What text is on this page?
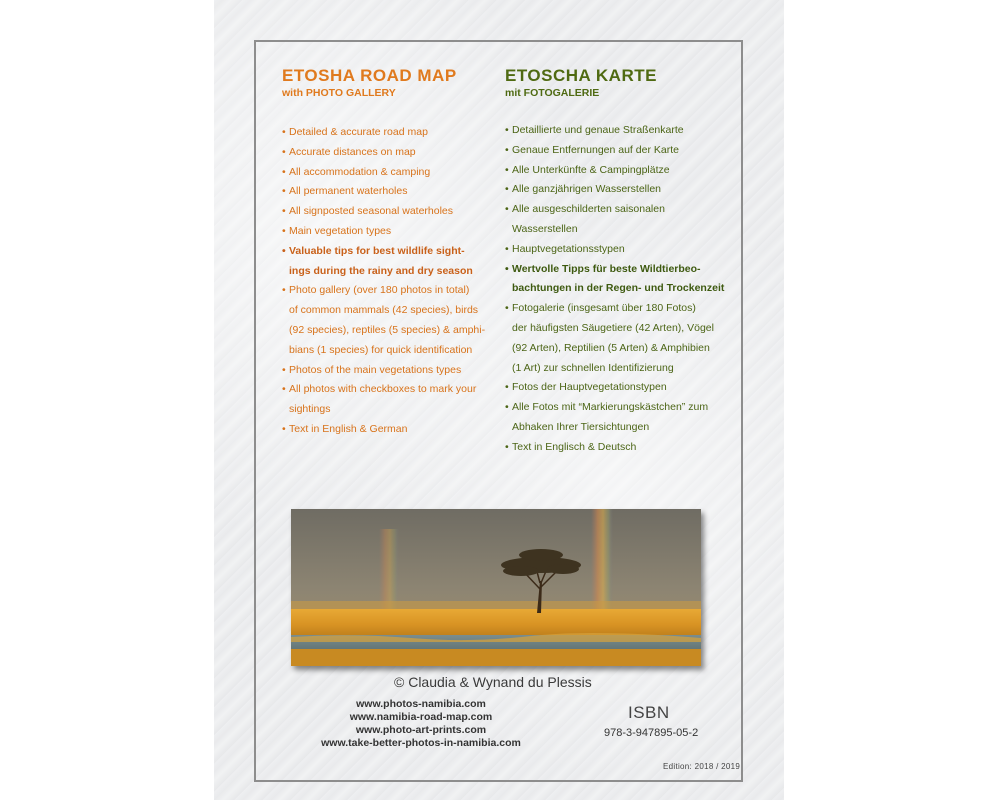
ETOSHA ROAD MAP
with PHOTO GALLERY
• Detailed & accurate road map
• Accurate distances on map
• All accommodation & camping
• All permanent waterholes
• All signposted seasonal waterholes
• Main vegetation types
• Valuable tips for best wildlife sight-
ings during the rainy and dry season
• Photo gallery (over 180 photos in total)
of common mammals (42 species), birds
(92 species), reptiles (5 species) & amphi-
bians (1 species) for quick identification
• Photos of the main vegetations types
• All photos with checkboxes to mark your
sightings
• Text in English & German
ETOSCHA KARTE
mit FOTOGALERIE
• Detaillierte und genaue Straßenkarte
• Genaue Entfernungen auf der Karte
• Alle Unterkünfte & Campingplätze
• Alle ganzjährigen Wasserstellen
• Alle ausgeschilderten saisonalen
Wasserstellen
• Hauptvegetationsstypen
• Wertvolle Tipps für beste Wildtierbeo-
bachtungen in der Regen- und Trockenzeit
• Fotogalerie (insgesamt über 180 Fotos)
der häufigsten Säugetiere (42 Arten), Vögel
(92 Arten), Reptilien (5 Arten) & Amphibien
(1 Art) zur schnellen Identifizierung
• Fotos der Hauptvegetationstypen
• Alle Fotos mit “Markierungskästchen” zum
Abhaken Ihrer Tiersichtungen
• Text in Englisch & Deutsch
© Claudia & Wynand du Plessis
www.photos-namibia.com
www.namibia-road-map.com
www.photo-art-prints.com
www.take-better-photos-in-namibia.com
ISBN
978-3-947895-05-2
Edition: 2018 / 2019
